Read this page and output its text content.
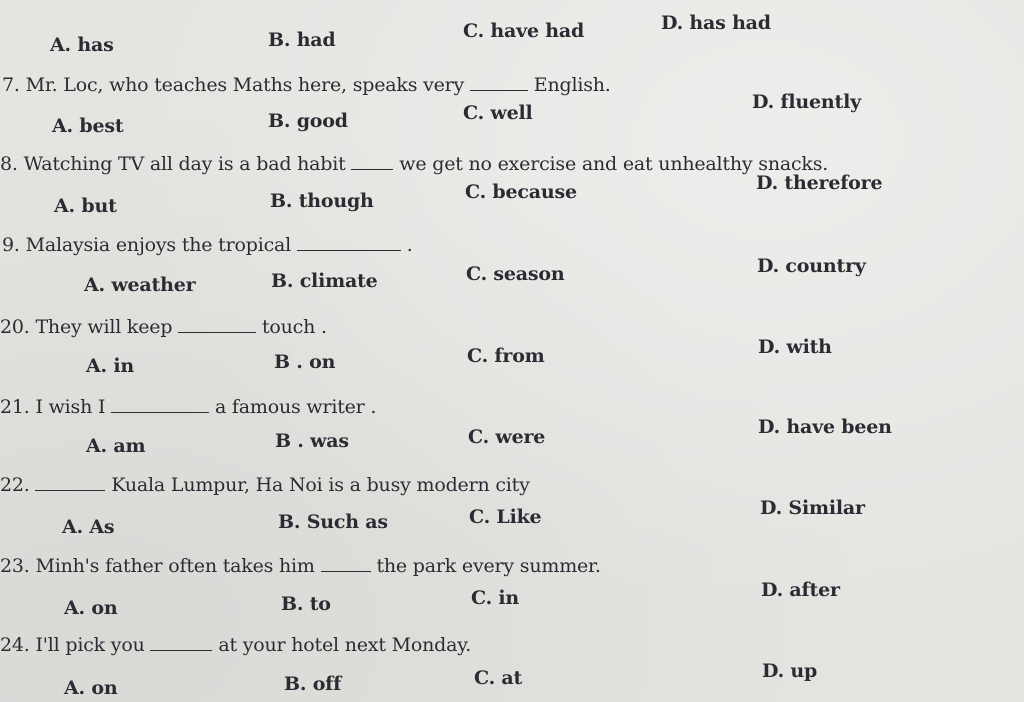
A. has	B. had	C. have had	D. has had
7. Mr. Loc, who teaches Maths here, speaks very	English.
A. best	B. good	C. well	D. fluently
8. Watching TV all day is a bad habit	we get no exercise and eat unhealthy snacks.
A. but	B. though	C. because	D. therefore
9. Malaysia enjoys the tropical	.
A. weather	B. climate	C. season	D. country
20. They will keep	touch .
A. in	B . on	C. from	D. with
21. I wish I	a famous writer .
A. am	B . was	C. were	D. have been
22.	Kuala Lumpur, Ha Noi is a busy modern city
A. As	B. Such as	C. Like	D. Similar
23. Minh's father often takes him	the park every summer.
A. on	B. to	C. in	D. after
24. I'll pick you	at your hotel next Monday.
A. on	B. off	C. at	D. up
